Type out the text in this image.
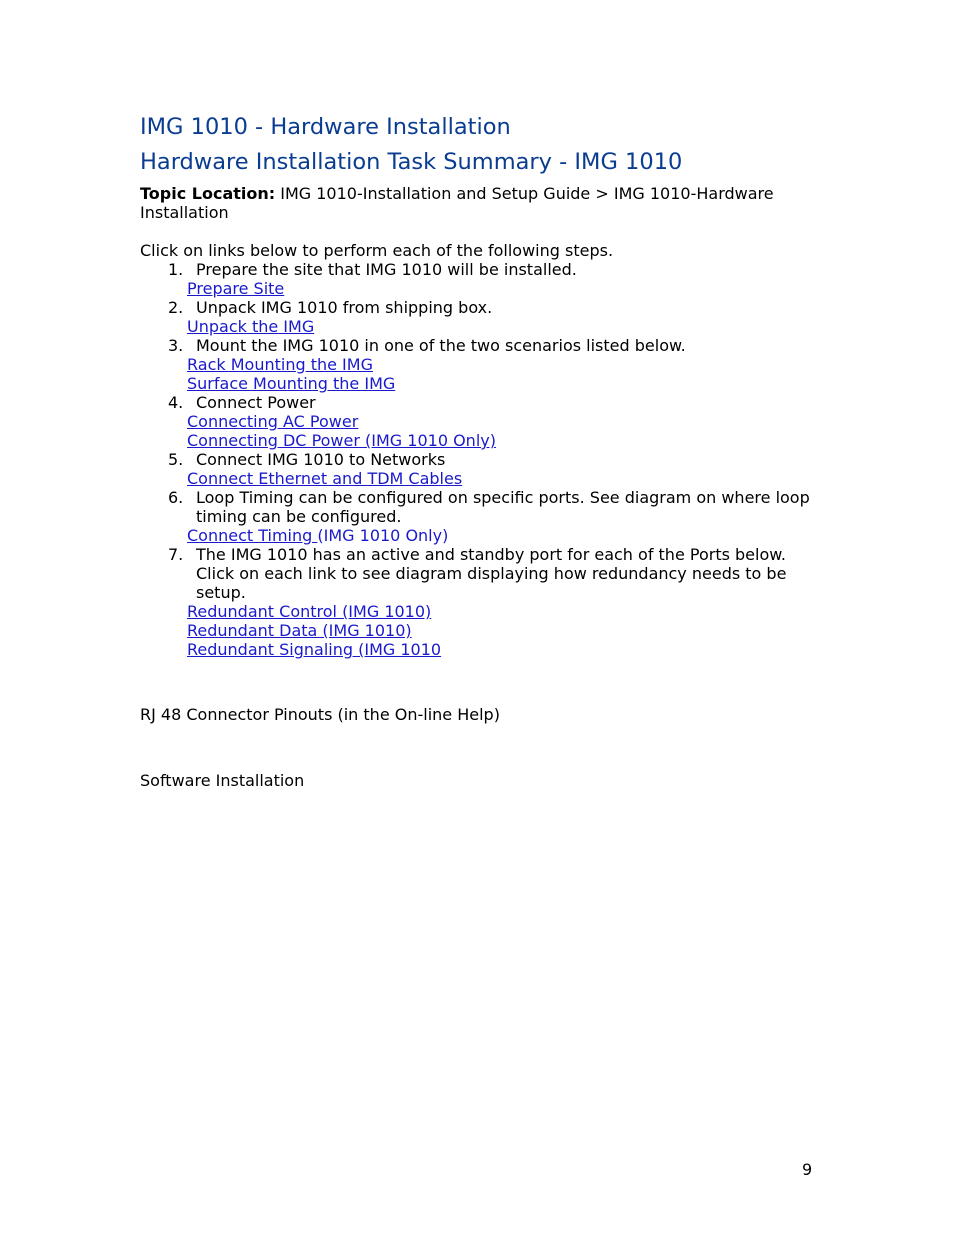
IMG 1010 - Hardware Installation
Hardware Installation Task Summary - IMG 1010
Topic Location: IMG 1010-Installation and Setup Guide > IMG 1010-Hardware Installation
Click on links below to perform each of the following steps.
1. Prepare the site that IMG 1010 will be installed.
Prepare Site
2. Unpack IMG 1010 from shipping box.
Unpack the IMG
3. Mount the IMG 1010 in one of the two scenarios listed below.
Rack Mounting the IMG
Surface Mounting the IMG
4. Connect Power
Connecting AC Power
Connecting DC Power (IMG 1010 Only)
5. Connect IMG 1010 to Networks
Connect Ethernet and TDM Cables
6. Loop Timing can be configured on specific ports. See diagram on where loop timing can be configured.
Connect Timing (IMG 1010 Only)
7. The IMG 1010 has an active and standby port for each of the Ports below. Click on each link to see diagram displaying how redundancy needs to be setup.
Redundant Control (IMG 1010)
Redundant Data (IMG 1010)
Redundant Signaling (IMG 1010
RJ 48 Connector Pinouts (in the On-line Help)
Software Installation
9
